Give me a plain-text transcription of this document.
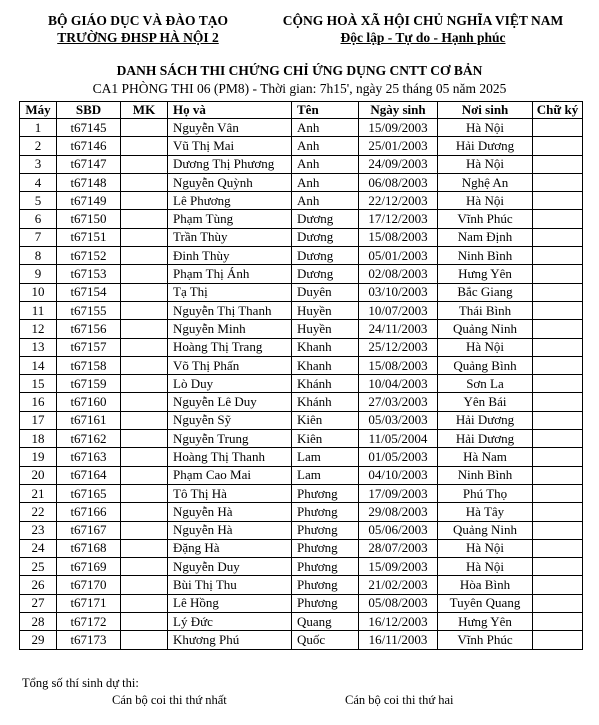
BỘ GIÁO DỤC VÀ ĐÀO TẠO
TRƯỜNG ĐHSP HÀ NỘI 2
CỘNG HOÀ XÃ HỘI CHỦ NGHĨA VIỆT NAM
Độc lập - Tự do - Hạnh phúc
DANH SÁCH THI CHỨNG CHỈ ỨNG DỤNG CNTT CƠ BẢN
CA1 PHÒNG THI 06 (PM8) - Thời gian: 7h15', ngày 25 tháng 05 năm 2025
Máy	SBD	MK	Họ và	Tên	Ngày sinh	Nơi sinh	Chữ ký
1	t67145		Nguyễn Vân	Anh	15/09/2003	Hà Nội	
2	t67146		Vũ Thị Mai	Anh	25/01/2003	Hải Dương	
3	t67147		Dương Thị Phương	Anh	24/09/2003	Hà Nội	
4	t67148		Nguyễn Quỳnh	Anh	06/08/2003	Nghệ An	
5	t67149		Lê Phương	Anh	22/12/2003	Hà Nội	
6	t67150		Phạm Tùng	Dương	17/12/2003	Vĩnh Phúc	
7	t67151		Trần Thùy	Dương	15/08/2003	Nam Định	
8	t67152		Đinh Thùy	Dương	05/01/2003	Ninh Bình	
9	t67153		Phạm Thị Ánh	Dương	02/08/2003	Hưng Yên	
10	t67154		Tạ Thị	Duyên	03/10/2003	Bắc Giang	
11	t67155		Nguyễn Thị Thanh	Huyền	10/07/2003	Thái Bình	
12	t67156		Nguyễn Minh	Huyền	24/11/2003	Quảng Ninh	
13	t67157		Hoàng Thị Trang	Khanh	25/12/2003	Hà Nội	
14	t67158		Võ Thị Phấn	Khanh	15/08/2003	Quảng Bình	
15	t67159		Lò Duy	Khánh	10/04/2003	Sơn La	
16	t67160		Nguyễn Lê Duy	Khánh	27/03/2003	Yên Bái	
17	t67161		Nguyễn Sỹ	Kiên	05/03/2003	Hải Dương	
18	t67162		Nguyễn Trung	Kiên	11/05/2004	Hải Dương	
19	t67163		Hoàng Thị Thanh	Lam	01/05/2003	Hà Nam	
20	t67164		Phạm Cao Mai	Lam	04/10/2003	Ninh Bình	
21	t67165		Tô Thị Hà	Phương	17/09/2003	Phú Thọ	
22	t67166		Nguyễn Hà	Phương	29/08/2003	Hà Tây	
23	t67167		Nguyễn Hà	Phương	05/06/2003	Quảng Ninh	
24	t67168		Đặng Hà	Phương	28/07/2003	Hà Nội	
25	t67169		Nguyễn Duy	Phương	15/09/2003	Hà Nội	
26	t67170		Bùi Thị Thu	Phương	21/02/2003	Hòa Bình	
27	t67171		Lê Hồng	Phương	05/08/2003	Tuyên Quang	
28	t67172		Lý Đức	Quang	16/12/2003	Hưng Yên	
29	t67173		Khương Phú	Quốc	16/11/2003	Vĩnh Phúc	
Tổng số thí sinh dự thi:
Cán bộ coi thi thứ nhất	Cán bộ coi thi thứ hai
